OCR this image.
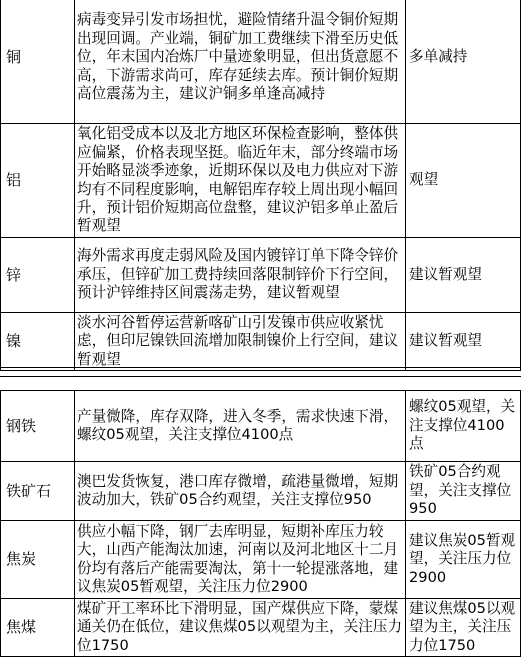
铜	病毒变异引发市场担忧，避险情绪升温令铜价短期出现回调。产业端，铜矿加工费继续下滑至历史低位，年末国内冶炼厂中量迹象明显，但出货意愿不高，下游需求尚可，库存延续去库。预计铜价短期高位震荡为主，建议沪铜多单逢高减持	多单减持
铝	氧化铝受成本以及北方地区环保检查影响，整体供应偏紧，价格表现坚挺。临近年末，部分终端市场开始略显淡季迹象，近期环保以及电力供应对下游均有不同程度影响，电解铝库存较上周出现小幅回升，预计铝价短期高位盘整，建议沪铝多单止盈后暂观望	观望
锌	海外需求再度走弱风险及国内镀锌订单下降令锌价承压，但锌矿加工费持续回落限制锌价下行空间，预计沪锌维持区间震荡走势，建议暂观望	建议暂观望
镍	淡水河谷暂停运营新喀矿山引发镍市供应收紧忧虑，但印尼镍铁回流增加限制镍价上行空间，建议暂观望	建议暂观望
钢铁	产量微降，库存双降，进入冬季，需求快速下滑，螺纹05观望，关注支撑位4100点	螺纹05观望，关注支撑位4100点
铁矿石	澳巴发货恢复，港口库存微增，疏港量微增，短期波动加大，铁矿05合约观望，关注支撑位950	铁矿05合约观望，关注支撑位950
焦炭	供应小幅下降，钢厂去库明显，短期补库压力较大，山西产能淘汰加速，河南以及河北地区十二月份均有落后产能需要淘汰，第十一轮提涨落地，建议焦炭05暂观望，关注压力位2900	建议焦炭05暂观望，关注压力位2900
焦煤	煤矿开工率环比下滑明显，国产煤供应下降，蒙煤通关仍在低位，建议焦煤05以观望为主，关注压力位1750	建议焦煤05以观望为主，关注压力位1750
